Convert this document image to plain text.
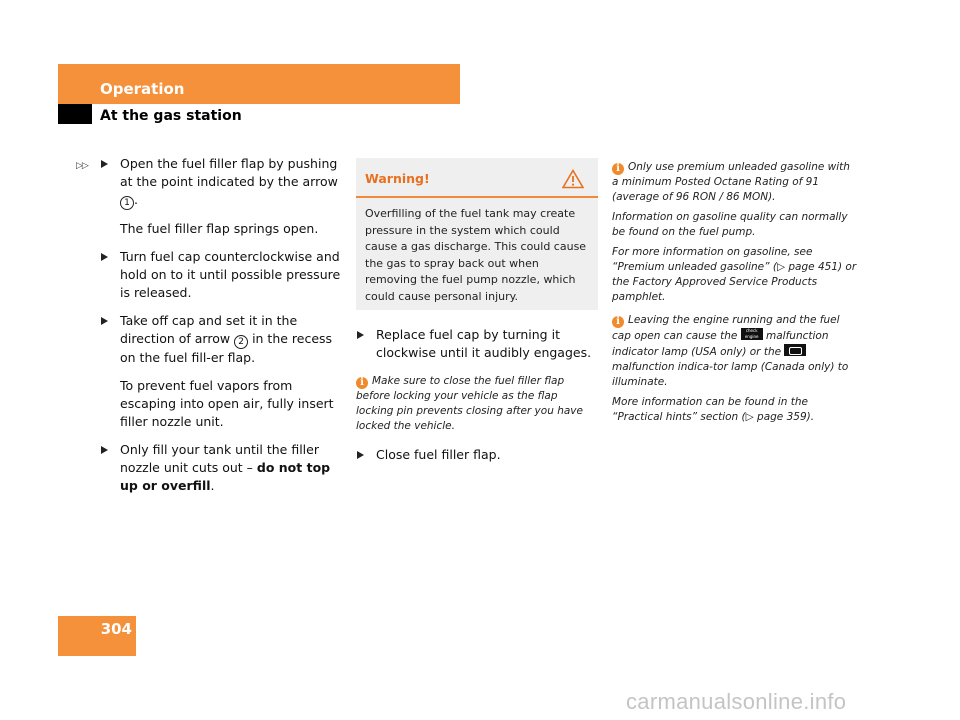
Operation
At the gas station
▷▷	Open the fuel filler flap by pushing at the point indicated by the arrow 1 .

The fuel filler flap springs open.

Turn fuel cap counterclockwise and hold on to it until possible pressure is released.
Take off cap and set it in the direction of arrow 2 in the recess on the fuel fill-er flap.

To prevent fuel vapors from escaping into open air, fully insert filler nozzle unit.

Only fill your tank until the filler nozzle unit cuts out – do not top up or overfill.
Warning!
Overfilling of the fuel tank may create pressure in the system which could cause a gas discharge. This could cause the gas to spray back out when removing the fuel pump nozzle, which could cause personal injury.
Replace fuel cap by turning it clockwise until it audibly engages.

i Make sure to close the fuel filler flap before locking your vehicle as the flap locking pin prevents closing after you have locked the vehicle.

Close fuel filler flap.

i Only use premium unleaded gasoline with a minimum Posted Octane Rating of 91 (average of 96 RON / 86 MON).

Information on gasoline quality can normally be found on the fuel pump.

For more information on gasoline, see “Premium unleaded gasoline” (▷ page 451) or the Factory Approved Service Products pamphlet.

i Leaving the engine running and the fuel cap open can cause the check engine malfunction indicator lamp (USA only) or the  malfunction indica-tor lamp (Canada only) to illuminate.

More information can be found in the “Practical hints” section (▷ page 359).

304
carmanualsonline.info
